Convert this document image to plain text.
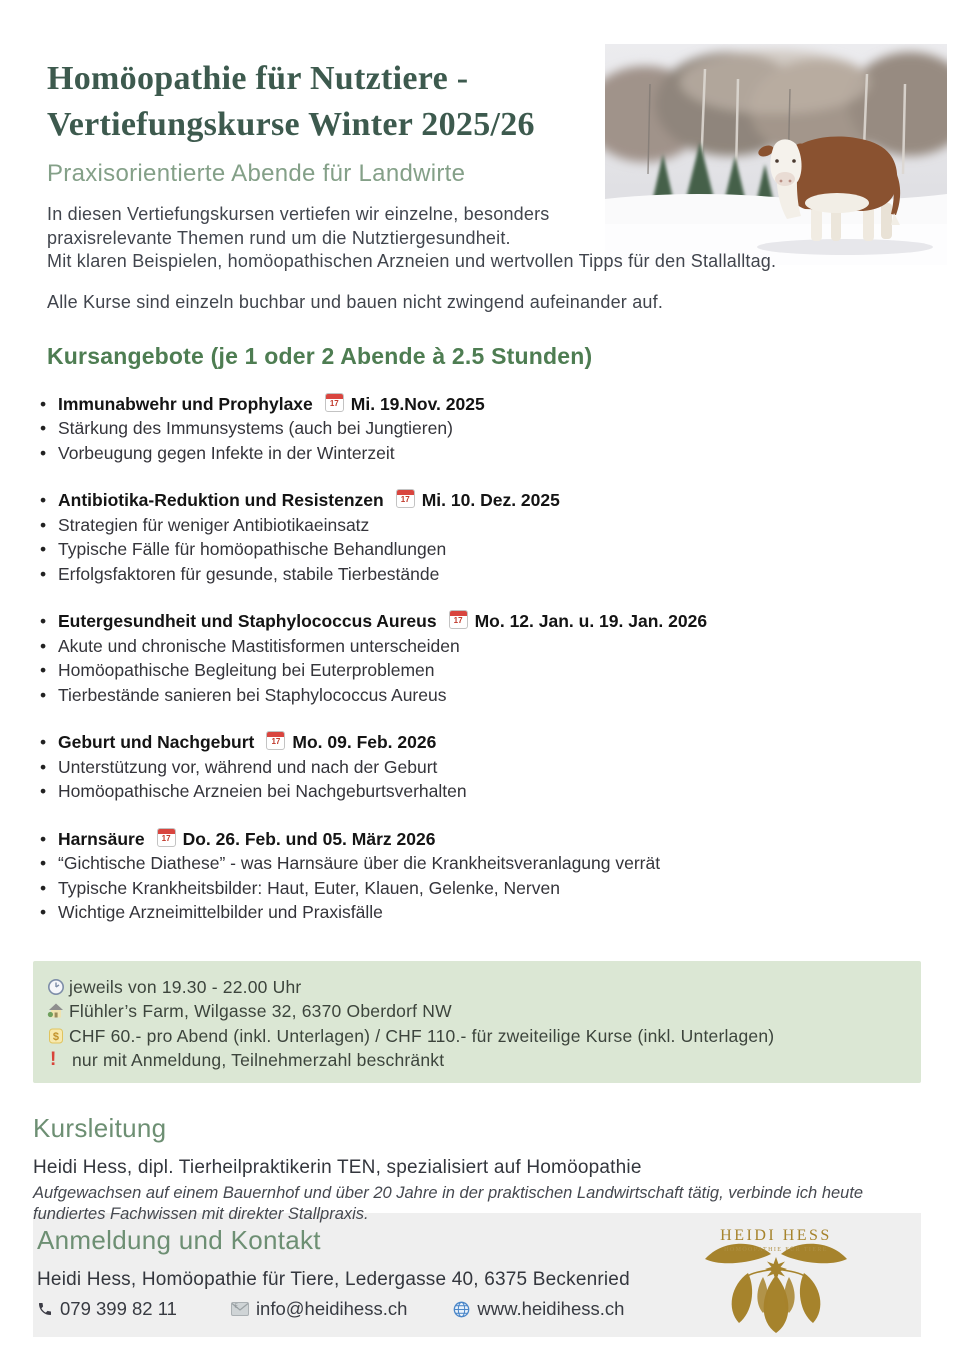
Homöopathie für Nutztiere -
Vertiefungskurse Winter 2025/26
Praxisorientierte Abende für Landwirte
In diesen Vertiefungskursen vertiefen wir einzelne, besonders
praxisrelevante Themen rund um die Nutztiergesundheit.
Mit klaren Beispielen, homöopathischen Arzneien und wertvollen Tipps für den Stallalltag.
Alle Kurse sind einzeln buchbar und bauen nicht zwingend aufeinander auf.
Kursangebote (je 1 oder 2 Abende à 2.5 Stunden)
• Immunabwehr und Prophylaxe	17 Mi. 19.Nov. 2025
• Stärkung des Immunsystems (auch bei Jungtieren)
• Vorbeugung gegen Infekte in der Winterzeit
• Antibiotika-Reduktion und Resistenzen	17 Mi. 10. Dez. 2025
• Strategien für weniger Antibiotikaeinsatz
• Typische Fälle für homöopathische Behandlungen
• Erfolgsfaktoren für gesunde, stabile Tierbestände
• Eutergesundheit und Staphylococcus Aureus	17 Mo. 12. Jan. u. 19. Jan. 2026
• Akute und chronische Mastitisformen unterscheiden
• Homöopathische Begleitung bei Euterproblemen
• Tierbestände sanieren bei Staphylococcus Aureus
• Geburt und Nachgeburt	17 Mo. 09. Feb. 2026
• Unterstützung vor, während und nach der Geburt
• Homöopathische Arzneien bei Nachgeburtsverhalten
• Harnsäure	17 Do. 26. Feb. und 05. März 2026
• “Gichtische Diathese” - was Harnsäure über die Krankheitsveranlagung verrät
• Typische Krankheitsbilder: Haut, Euter, Klauen, Gelenke, Nerven
• Wichtige Arzneimittelbilder und Praxisfälle
jeweils von 19.30 - 22.00 Uhr
Flühler’s Farm, Wilgasse 32, 6370 Oberdorf NW
$ CHF 60.- pro Abend (inkl. Unterlagen) / CHF 110.- für zweiteilige Kurse (inkl. Unterlagen)
! nur mit Anmeldung, Teilnehmerzahl beschränkt
Kursleitung
Heidi Hess, dipl. Tierheilpraktikerin TEN, spezialisiert auf Homöopathie
Aufgewachsen auf einem Bauernhof und über 20 Jahre in der praktischen Landwirtschaft tätig, verbinde ich heute
fundiertes Fachwissen mit direkter Stallpraxis.
Anmeldung und Kontakt
Heidi Hess, Homöopathie für Tiere, Ledergasse 40, 6375 Beckenried
079 399 82 11	E info@heidihess.ch	www.heidihess.ch
HEIDI HESS
HOMÖOPATHIE FÜR TIERE
